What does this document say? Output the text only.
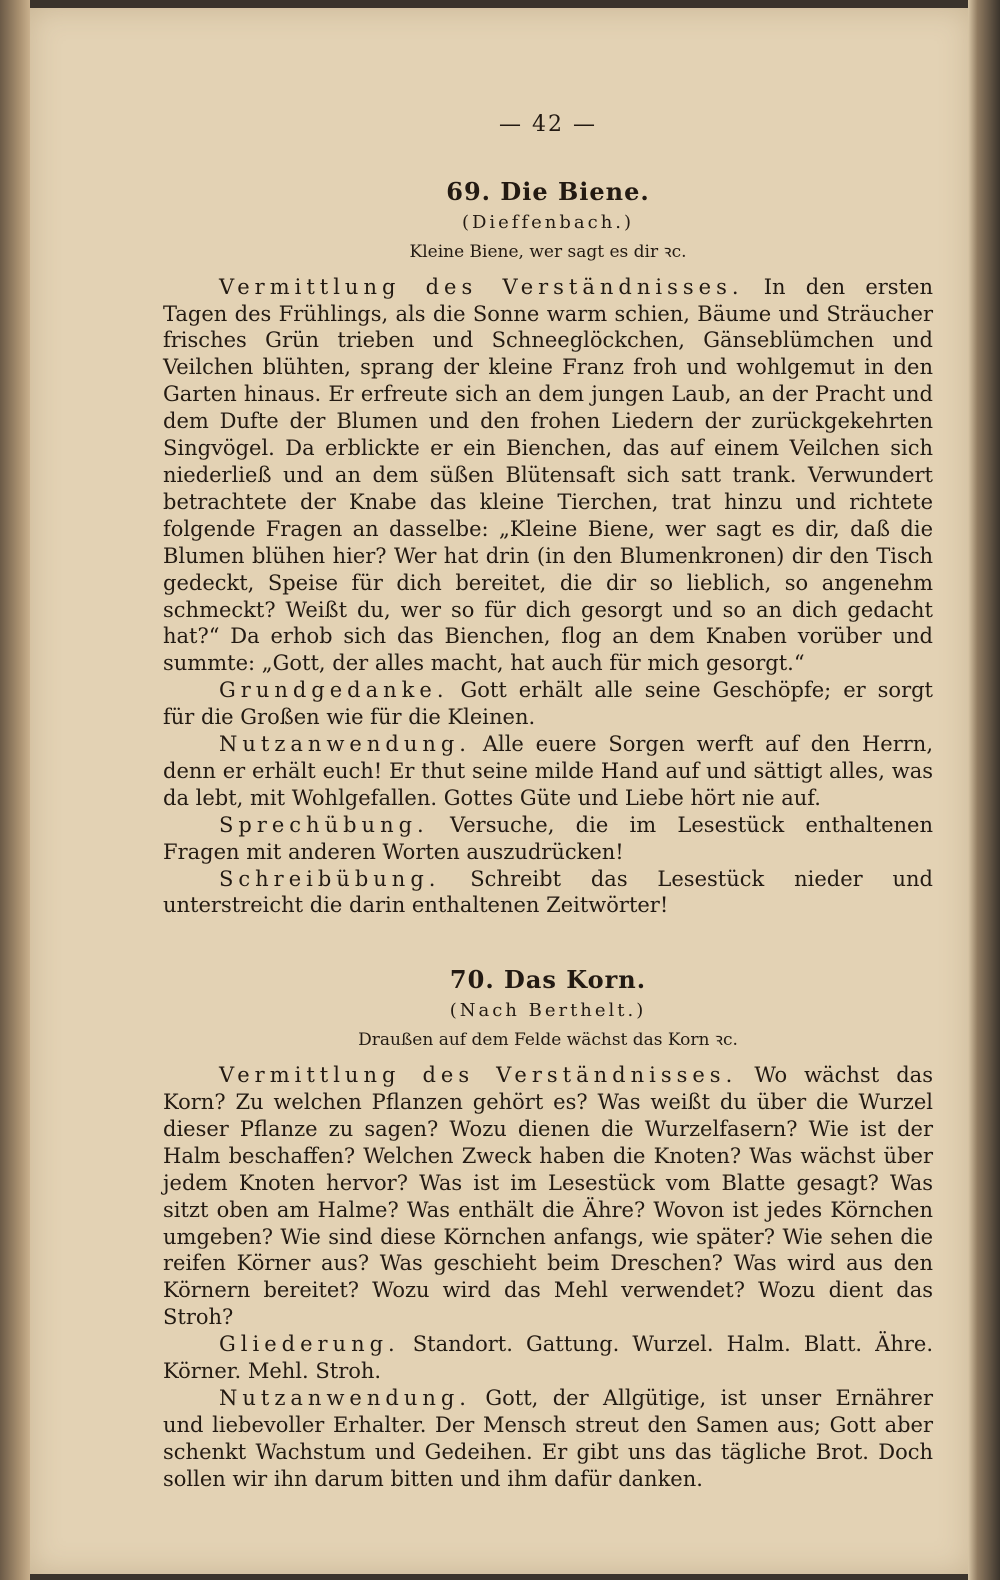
— 42 —
69. Die Biene.
(Dieffenbach.)
Kleine Biene, wer sagt es dir ꝛc.

Vermittlung des Verständnisses. In den ersten Tagen des Frühlings, als die Sonne warm schien, Bäume und Sträucher frisches Grün trieben und Schneeglöckchen, Gänseblümchen und Veilchen blühten, sprang der kleine Franz froh und wohlgemut in den Garten hinaus. Er erfreute sich an dem jungen Laub, an der Pracht und dem Dufte der Blumen und den frohen Liedern der zurückgekehrten Singvögel. Da erblickte er ein Bienchen, das auf einem Veilchen sich niederließ und an dem süßen Blütensaft sich satt trank. Verwundert betrachtete der Knabe das kleine Tierchen, trat hinzu und richtete folgende Fragen an dasselbe: „Kleine Biene, wer sagt es dir, daß die Blumen blühen hier? Wer hat drin (in den Blumenkronen) dir den Tisch gedeckt, Speise für dich bereitet, die dir so lieblich, so angenehm schmeckt? Weißt du, wer so für dich gesorgt und so an dich gedacht hat?“ Da erhob sich das Bienchen, flog an dem Knaben vorüber und summte: „Gott, der alles macht, hat auch für mich gesorgt.“

Grundgedanke. Gott erhält alle seine Geschöpfe; er sorgt für die Großen wie für die Kleinen.

Nutzanwendung. Alle euere Sorgen werft auf den Herrn, denn er erhält euch! Er thut seine milde Hand auf und sättigt alles, was da lebt, mit Wohlgefallen. Gottes Güte und Liebe hört nie auf.

Sprechübung. Versuche, die im Lesestück enthaltenen Fragen mit anderen Worten auszudrücken!

Schreibübung. Schreibt das Lesestück nieder und unterstreicht die darin enthaltenen Zeitwörter!

70. Das Korn.
(Nach Berthelt.)
Draußen auf dem Felde wächst das Korn ꝛc.

Vermittlung des Verständnisses. Wo wächst das Korn? Zu welchen Pflanzen gehört es? Was weißt du über die Wurzel dieser Pflanze zu sagen? Wozu dienen die Wurzelfasern? Wie ist der Halm beschaffen? Welchen Zweck haben die Knoten? Was wächst über jedem Knoten hervor? Was ist im Lesestück vom Blatte gesagt? Was sitzt oben am Halme? Was enthält die Ähre? Wovon ist jedes Körnchen umgeben? Wie sind diese Körnchen anfangs, wie später? Wie sehen die reifen Körner aus? Was geschieht beim Dreschen? Was wird aus den Körnern bereitet? Wozu wird das Mehl verwendet? Wozu dient das Stroh?

Gliederung. Standort. Gattung. Wurzel. Halm. Blatt. Ähre. Körner. Mehl. Stroh.

Nutzanwendung. Gott, der Allgütige, ist unser Ernährer und liebevoller Erhalter. Der Mensch streut den Samen aus; Gott aber schenkt Wachstum und Gedeihen. Er gibt uns das tägliche Brot. Doch sollen wir ihn darum bitten und ihm dafür danken.
